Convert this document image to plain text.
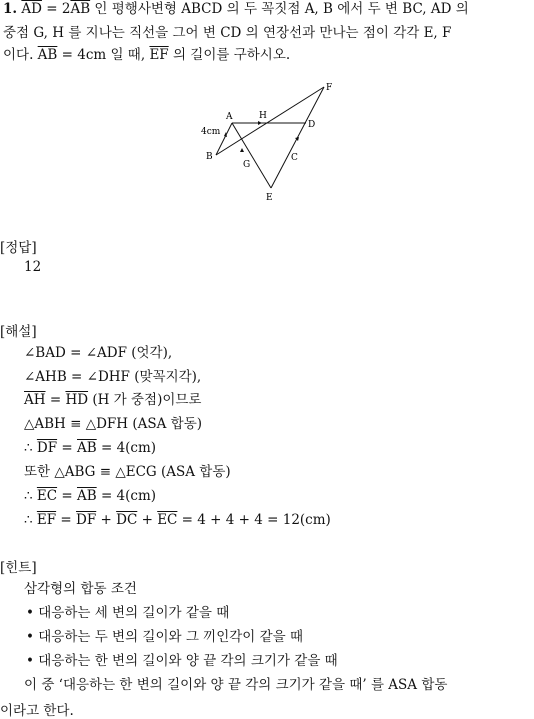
1. $\overline{AD} = 2\overline{AB}$ 인 평행사변형 ABCD 의 두 꼭짓점 A, B 에서 두 변 BC, AD 의
중점 G, H 를 지나는 직선을 그어 변 CD 의 연장선과 만나는 점이 각각 E, F
이다. $\overline{AB} = 4cm$ 일 때, $\overline{EF}$ 의 길이를 구하시오.
A
B	C
D
E
F
G
H
4cm
[정답]
12
[해설]
∠BAD = ∠ADF (엇각),
∠AHB = ∠DHF (맞꼭지각),
$\overline{AH} = \overline{HD}$ (H 가 중점)이므로
△ABH ≡ △DFH (ASA 합동)
∴ $\overline{DF} = \overline{AB} = 4(cm)$
또한 △ABG ≡ △ECG (ASA 합동)
∴ $\overline{EC} = \overline{AB} = 4(cm)$
∴ $\overline{EF} = \overline{DF} + \overline{DC} + \overline{EC} = 4 + 4 + 4 = 12(cm)$
[힌트]
삼각형의 합동 조건
• 대응하는 세 변의 길이가 같을 때
• 대응하는 두 변의 길이와 그 끼인각이 같을 때
• 대응하는 한 변의 길이와 양 끝 각의 크기가 같을 때
이 중 ‘대응하는 한 변의 길이와 양 끝 각의 크기가 같을 때’ 를 ASA 합동
이라고 한다.
